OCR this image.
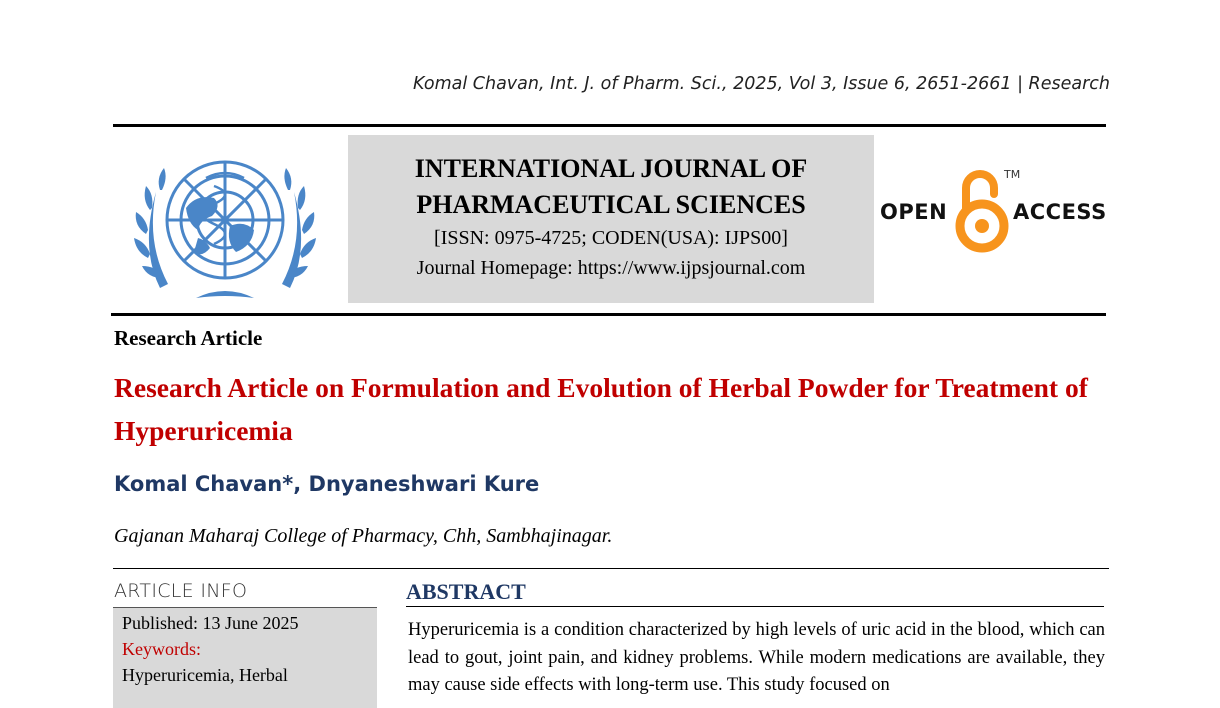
Komal Chavan, Int. J. of Pharm. Sci., 2025, Vol 3, Issue 6, 2651-2661 | Research
INTERNATIONAL JOURNAL OF
PHARMACEUTICAL SCIENCES
[ISSN: 0975-4725; CODEN(USA): IJPS00]
Journal Homepage: https://www.ijpsjournal.com
OPEN
TM
ACCESS
Research Article
Research Article on Formulation and Evolution of Herbal Powder for Treatment of Hyperuricemia
Komal Chavan*, Dnyaneshwari Kure
Gajanan Maharaj College of Pharmacy, Chh, Sambhajinagar.
ARTICLE INFO
Published: 13 June 2025
Keywords:
Hyperuricemia, Herbal
ABSTRACT
Hyperuricemia is a condition characterized by high levels of uric acid in the blood, which can lead to gout, joint pain, and kidney problems. While modern medications are available, they may cause side effects with long-term use. This study focused on
